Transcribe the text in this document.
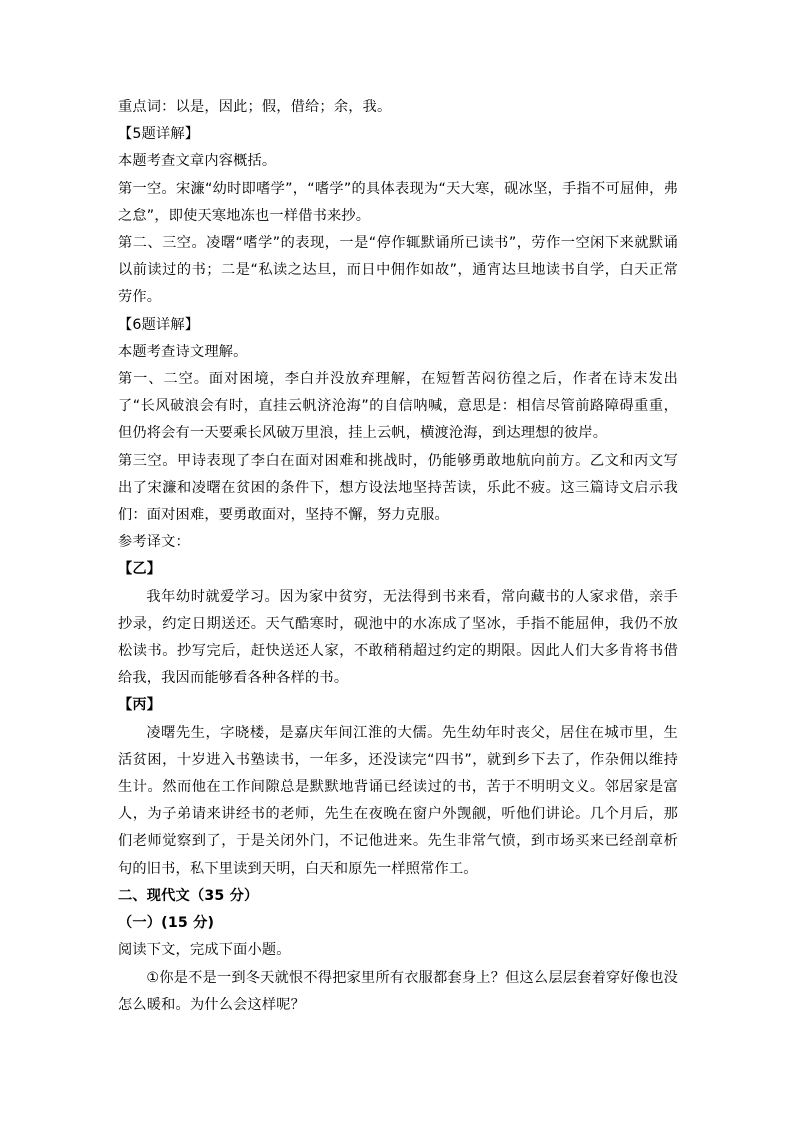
重点词：以是，因此；假，借给；余，我。

【5题详解】

本题考查文章内容概括。

第一空。宋濂“幼时即嗜学”，“嗜学”的具体表现为“天大寒，砚冰坚，手指不可屈伸，弗之怠”，即使天寒地冻也一样借书来抄。

第二、三空。凌曙“嗜学”的表现，一是“停作辄默诵所已读书”，劳作一空闲下来就默诵以前读过的书；二是“私读之达旦，而日中佣作如故”，通宵达旦地读书自学，白天正常劳作。

【6题详解】

本题考查诗文理解。

第一、二空。面对困境，李白并没放弃理解，在短暂苦闷彷徨之后，作者在诗末发出了“长风破浪会有时，直挂云帆济沧海”的自信呐喊，意思是：相信尽管前路障碍重重，但仍将会有一天要乘长风破万里浪，挂上云帆，横渡沧海，到达理想的彼岸。

第三空。甲诗表现了李白在面对困难和挑战时，仍能够勇敢地航向前方。乙文和丙文写出了宋濂和凌曙在贫困的条件下，想方设法地坚持苦读，乐此不疲。这三篇诗文启示我们：面对困难，要勇敢面对，坚持不懈，努力克服。

参考译文：

【乙】

我年幼时就爱学习。因为家中贫穷，无法得到书来看，常向藏书的人家求借，亲手抄录，约定日期送还。天气酷寒时，砚池中的水冻成了坚冰，手指不能屈伸，我仍不放松读书。抄写完后，赶快送还人家，不敢稍稍超过约定的期限。因此人们大多肯将书借给我，我因而能够看各种各样的书。

【丙】

凌曙先生，字晓楼，是嘉庆年间江淮的大儒。先生幼年时丧父，居住在城市里，生活贫困，十岁进入书塾读书，一年多，还没读完“四书”，就到乡下去了，作杂佣以维持生计。然而他在工作间隙总是默默地背诵已经读过的书，苦于不明明文义。邻居家是富人，为子弟请来讲经书的老师，先生在夜晚在窗户外觊觎，听他们讲论。几个月后，那们老师觉察到了，于是关闭外门，不记他进来。先生非常气愤，到市场买来已经剖章析句的旧书，私下里读到天明，白天和原先一样照常作工。

二、现代文（35 分）

（一）(15 分)

阅读下文，完成下面小题。

①你是不是一到冬天就恨不得把家里所有衣服都套身上？但这么层层套着穿好像也没怎么暖和。为什么会这样呢？
